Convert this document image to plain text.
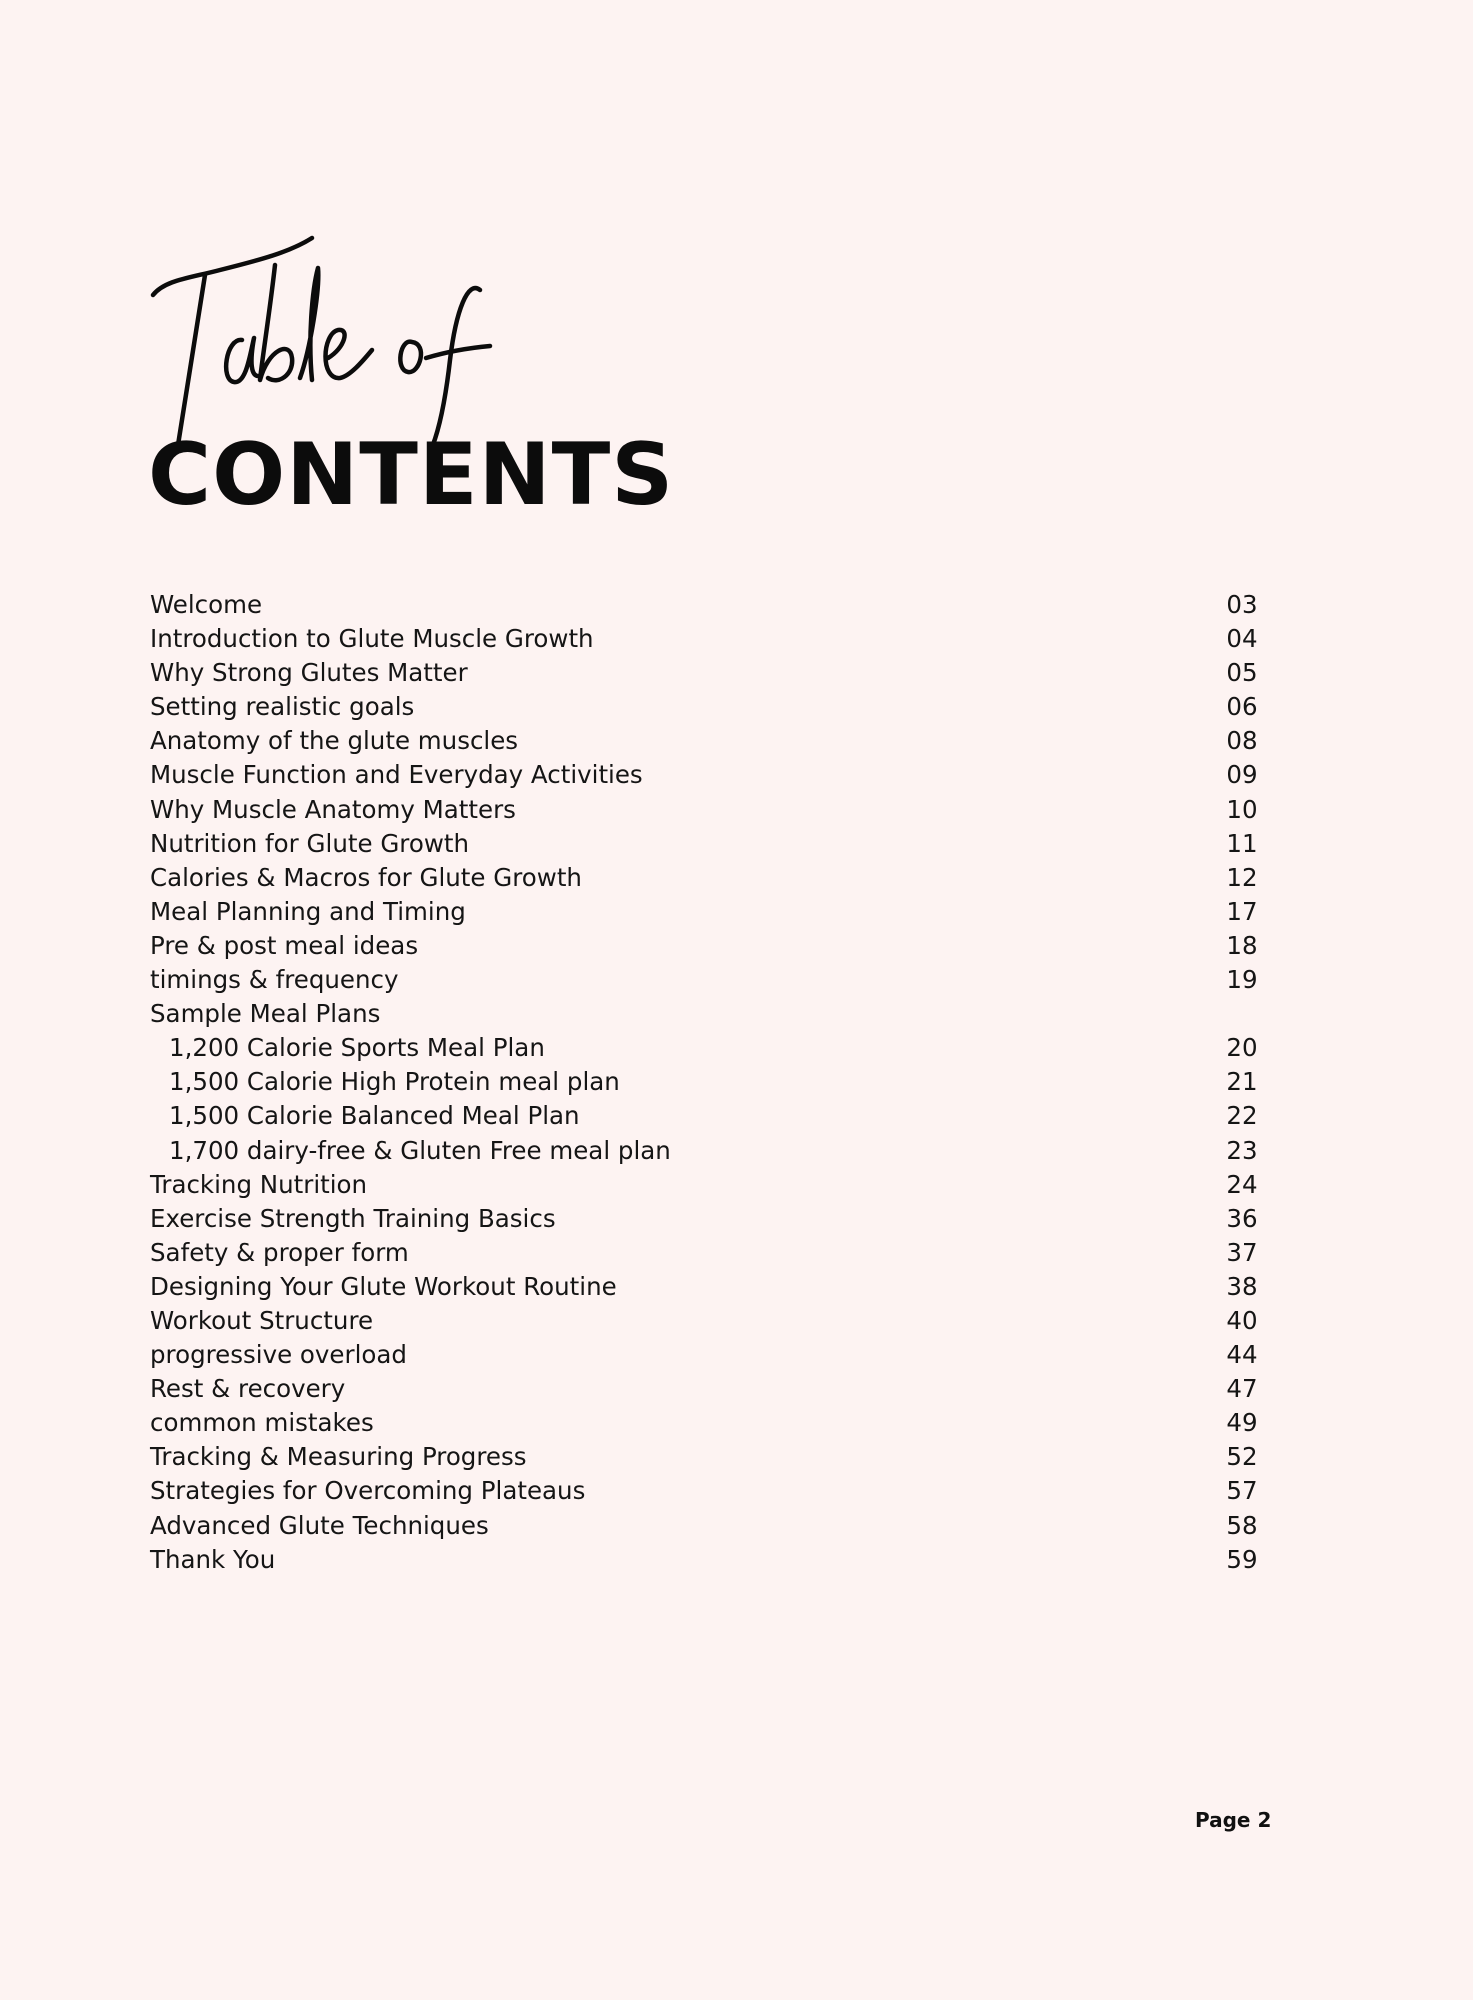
CONTENTS
Welcome	03
Introduction to Glute Muscle Growth	04
Why Strong Glutes Matter	05
Setting realistic goals	06
Anatomy of the glute muscles	08
Muscle Function and Everyday Activities	09
Why Muscle Anatomy Matters	10
Nutrition for Glute Growth	11
Calories & Macros for Glute Growth	12
Meal Planning and Timing	17
Pre & post meal ideas	18
timings & frequency	19
Sample Meal Plans
1,200 Calorie Sports Meal Plan	20
1,500 Calorie High Protein meal plan	21
1,500 Calorie Balanced Meal Plan	22
1,700 dairy-free & Gluten Free meal plan	23
Tracking Nutrition	24
Exercise Strength Training Basics	36
Safety & proper form	37
Designing Your Glute Workout Routine	38
Workout Structure	40
progressive overload	44
Rest & recovery	47
common mistakes	49
Tracking & Measuring Progress	52
Strategies for Overcoming Plateaus	57
Advanced Glute Techniques	58
Thank You	59
Page 2
